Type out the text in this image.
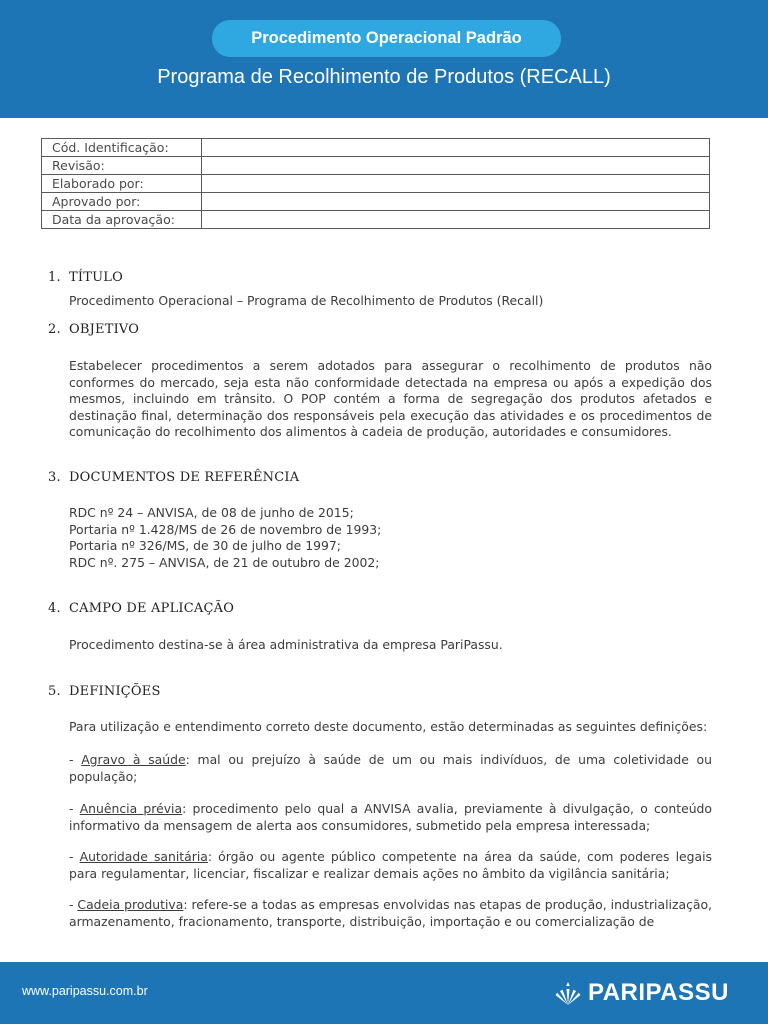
Procedimento Operacional Padrão
Programa de Recolhimento de Produtos (RECALL)
Cód. Identificação:	
Revisão:	
Elaborado por:	
Aprovado por:	
Data da aprovação:	
1. TÍTULO

Procedimento Operacional – Programa de Recolhimento de Produtos (Recall)

2. OBJETIVO

Estabelecer procedimentos a serem adotados para assegurar o recolhimento de produtos não conformes do mercado, seja esta não conformidade detectada na empresa ou após a expedição dos mesmos, incluindo em trânsito. O POP contém a forma de segregação dos produtos afetados e destinação final, determinação dos responsáveis pela execução das atividades e os procedimentos de comunicação do recolhimento dos alimentos à cadeia de produção, autoridades e consumidores.

3. DOCUMENTOS DE REFERÊNCIA

RDC nº 24 – ANVISA, de 08 de junho de 2015;

Portaria nº 1.428/MS de 26 de novembro de 1993;

Portaria nº 326/MS, de 30 de julho de 1997;

RDC nº. 275 – ANVISA, de 21 de outubro de 2002;

4. CAMPO DE APLICAÇÃO

Procedimento destina-se à área administrativa da empresa PariPassu.

5. DEFINIÇÕES

Para utilização e entendimento correto deste documento, estão determinadas as seguintes definições:

- Agravo à saúde: mal ou prejuízo à saúde de um ou mais indivíduos, de uma coletividade ou população;

- Anuência prévia: procedimento pelo qual a ANVISA avalia, previamente à divulgação, o conteúdo informativo da mensagem de alerta aos consumidores, submetido pela empresa interessada;

- Autoridade sanitária: órgão ou agente público competente na área da saúde, com poderes legais para regulamentar, licenciar, fiscalizar e realizar demais ações no âmbito da vigilância sanitária;

- Cadeia produtiva: refere-se a todas as empresas envolvidas nas etapas de produção, industrialização, armazenamento, fracionamento, transporte, distribuição, importação e ou comercialização de

www.paripassu.com.br	PARIPASSU
